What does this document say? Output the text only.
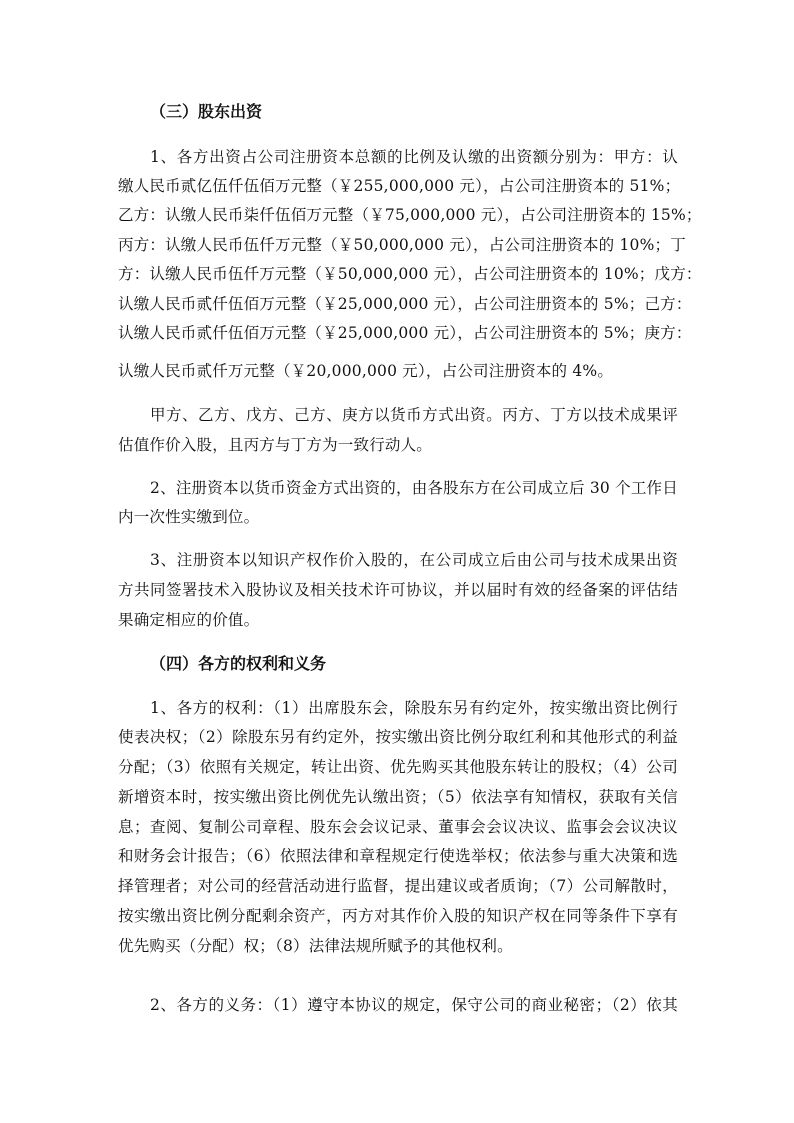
（三）股东出资
1、各方出资占公司注册资本总额的比例及认缴的出资额分别为：甲方：认
缴人民币贰亿伍仟伍佰万元整（￥255,000,000 元），占公司注册资本的 51%；
乙方：认缴人民币柒仟伍佰万元整（￥75,000,000 元），占公司注册资本的 15%；
丙方：认缴人民币伍仟万元整（￥50,000,000 元），占公司注册资本的 10%；丁
方：认缴人民币伍仟万元整（￥50,000,000 元），占公司注册资本的 10%；戊方：
认缴人民币贰仟伍佰万元整（￥25,000,000 元），占公司注册资本的 5%；己方：
认缴人民币贰仟伍佰万元整（￥25,000,000 元），占公司注册资本的 5%；庚方：
认缴人民币贰仟万元整（￥20,000,000 元），占公司注册资本的 4%。
甲方、乙方、戊方、己方、庚方以货币方式出资。丙方、丁方以技术成果评
估值作价入股，且丙方与丁方为一致行动人。
2、注册资本以货币资金方式出资的，由各股东方在公司成立后 30 个工作日
内一次性实缴到位。
3、注册资本以知识产权作价入股的，在公司成立后由公司与技术成果出资
方共同签署技术入股协议及相关技术许可协议，并以届时有效的经备案的评估结
果确定相应的价值。
（四）各方的权利和义务
1、各方的权利：（1）出席股东会，除股东另有约定外，按实缴出资比例行
使表决权；（2）除股东另有约定外，按实缴出资比例分取红利和其他形式的利益
分配；（3）依照有关规定，转让出资、优先购买其他股东转让的股权；（4）公司
新增资本时，按实缴出资比例优先认缴出资；（5）依法享有知情权，获取有关信
息；查阅、复制公司章程、股东会会议记录、董事会会议决议、监事会会议决议
和财务会计报告；（6）依照法律和章程规定行使选举权；依法参与重大决策和选
择管理者；对公司的经营活动进行监督，提出建议或者质询；（7）公司解散时，
按实缴出资比例分配剩余资产，丙方对其作价入股的知识产权在同等条件下享有
优先购买（分配）权；（8）法律法规所赋予的其他权利。
2、各方的义务：（1）遵守本协议的规定，保守公司的商业秘密；（2）依其
